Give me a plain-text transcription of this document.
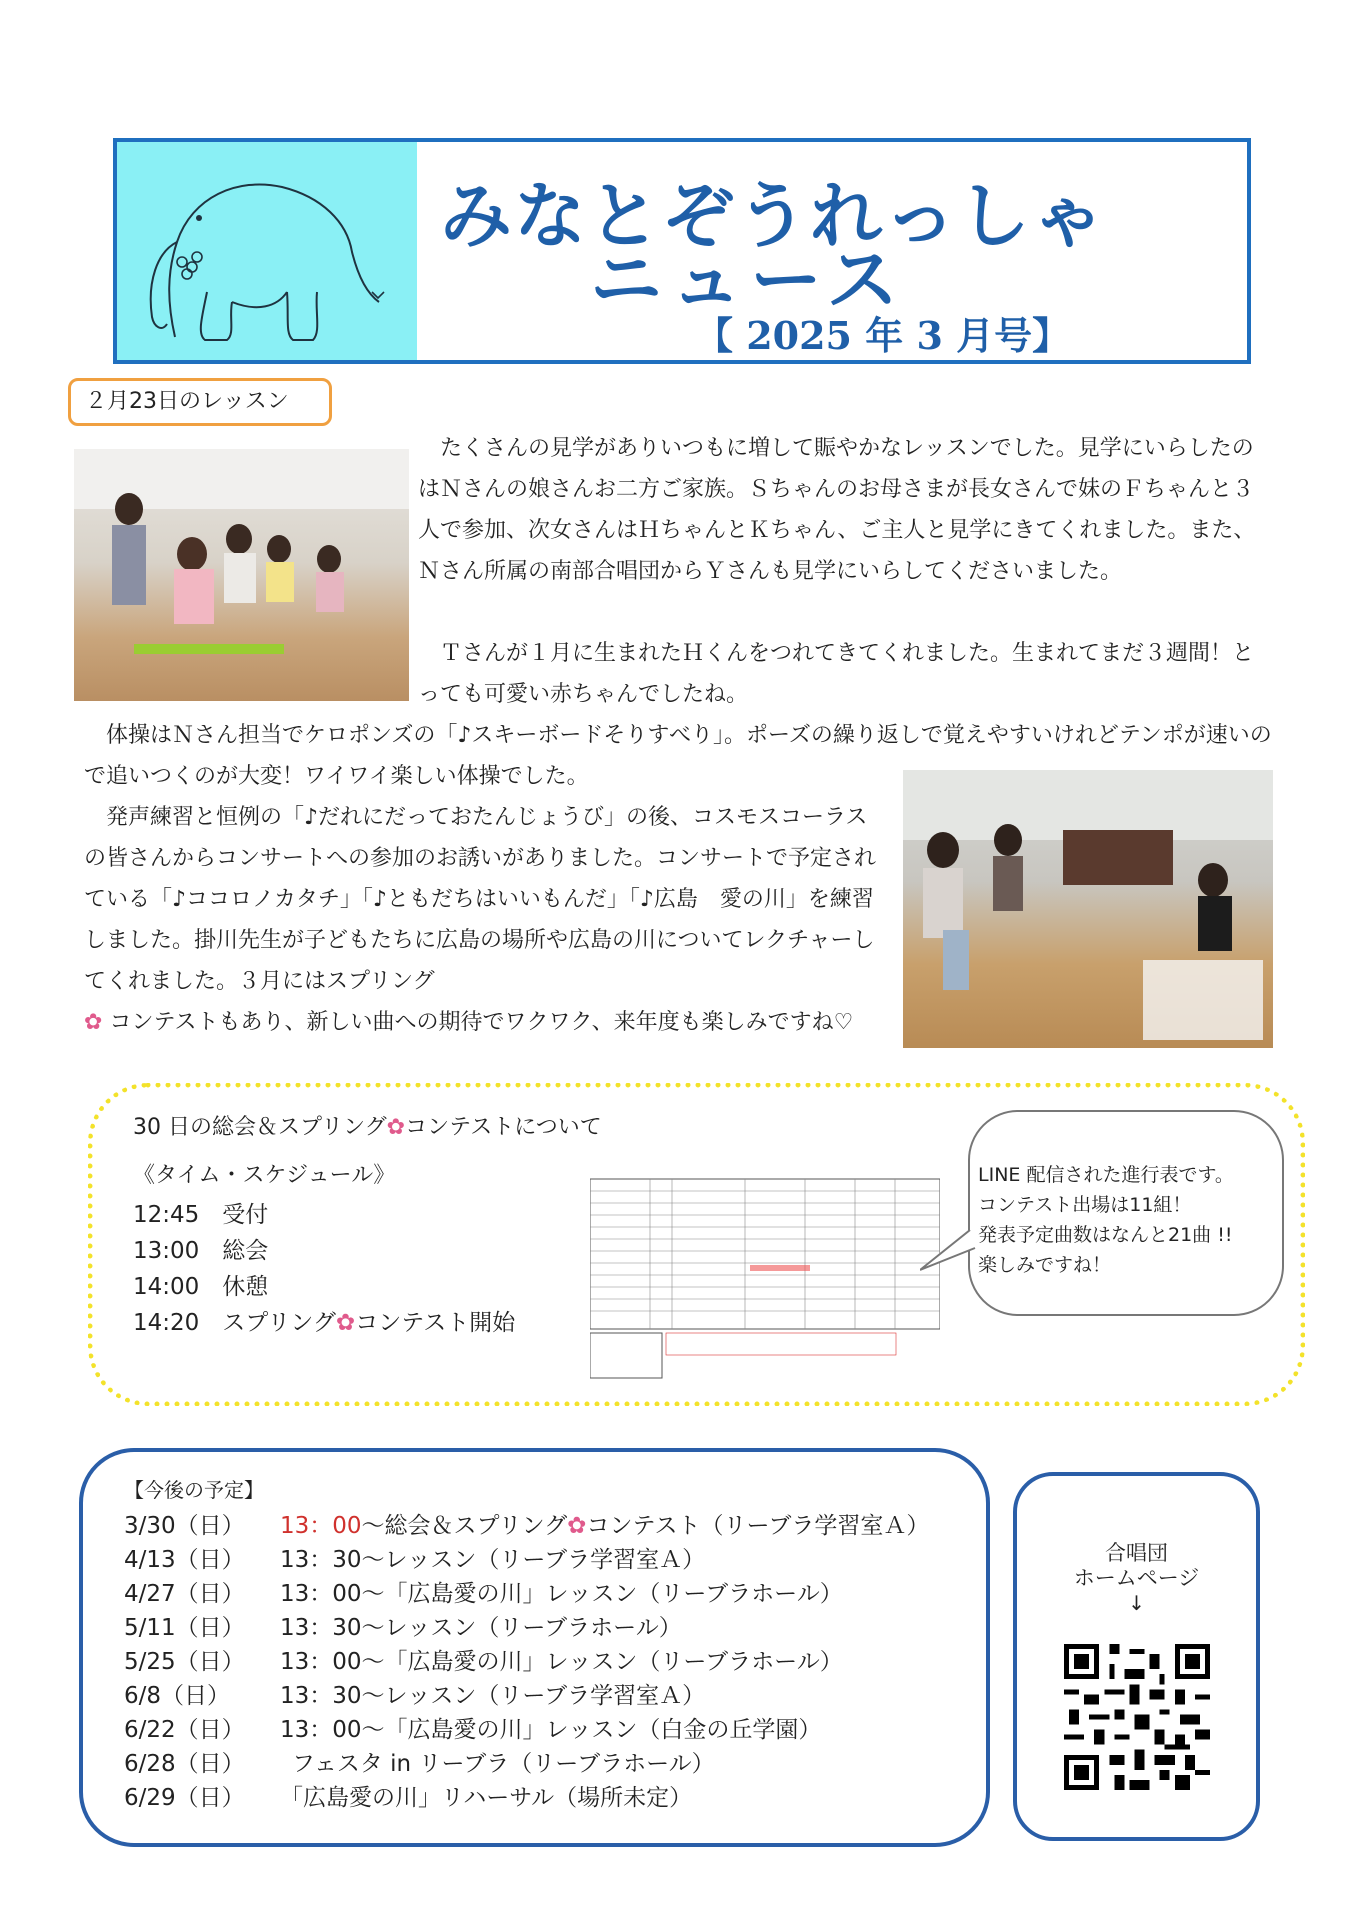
みなとぞうれっしゃ
ニュース
【 2025 年 3 月号】
２月23日のレッスン
　たくさんの見学がありいつもに増して賑やかなレッスンでした。見学にいらしたのはＮさんの娘さんお二方ご家族。Ｓちゃんのお母さまが長女さんで妹のＦちゃんと３人で参加、次女さんはＨちゃんとＫちゃん、ご主人と見学にきてくれました。また、Ｎさん所属の南部合唱団からＹさんも見学にいらしてくださいました。
　Ｔさんが１月に生まれたＨくんをつれてきてくれました。生まれてまだ３週間！とっても可愛い赤ちゃんでしたね。
　体操はＮさん担当でケロポンズの「♪スキーボードそりすべり」。ポーズの繰り返しで覚えやすいけれどテンポが速いので追いつくのが大変！ワイワイ楽しい体操でした。
　発声練習と恒例の「♪だれにだっておたんじょうび」の後、コスモスコーラスの皆さんからコンサートへの参加のお誘いがありました。コンサートで予定されている「♪ココロノカタチ」「♪ともだちはいいもんだ」「♪広島　愛の川」を練習しました。掛川先生が子どもたちに広島の場所や広島の川についてレクチャーしてくれました。３月にはスプリング
✿ コンテストもあり、新しい曲への期待でワクワク、来年度も楽しみですね♡
30 日の総会＆スプリング✿コンテストについて
《タイム・スケジュール》
12:45　 受付
13:00　 総会
14:00　 休憩
14:20　 スプリング✿コンテスト開始
LINE 配信された進行表です。
コンテスト出場は11組！
発表予定曲数はなんと21曲 !!
楽しみですね！
【今後の予定】
3/30（日） 13：00～総会＆スプリング✿コンテスト（リーブラ学習室Ａ）
4/13（日） 13：30～レッスン（リーブラ学習室Ａ）
4/27（日） 13：00～「広島愛の川」レッスン（リーブラホール）
5/11（日） 13：30～レッスン（リーブラホール）
5/25（日） 13：00～「広島愛の川」レッスン（リーブラホール）
6/8（日） 13：30～レッスン（リーブラ学習室Ａ）
6/22（日） 13：00～「広島愛の川」レッスン（白金の丘学園）
6/28（日） フェスタ in リーブラ（リーブラホール）
6/29（日） 「広島愛の川」リハーサル（場所未定）
合唱団
ホームページ
↓
